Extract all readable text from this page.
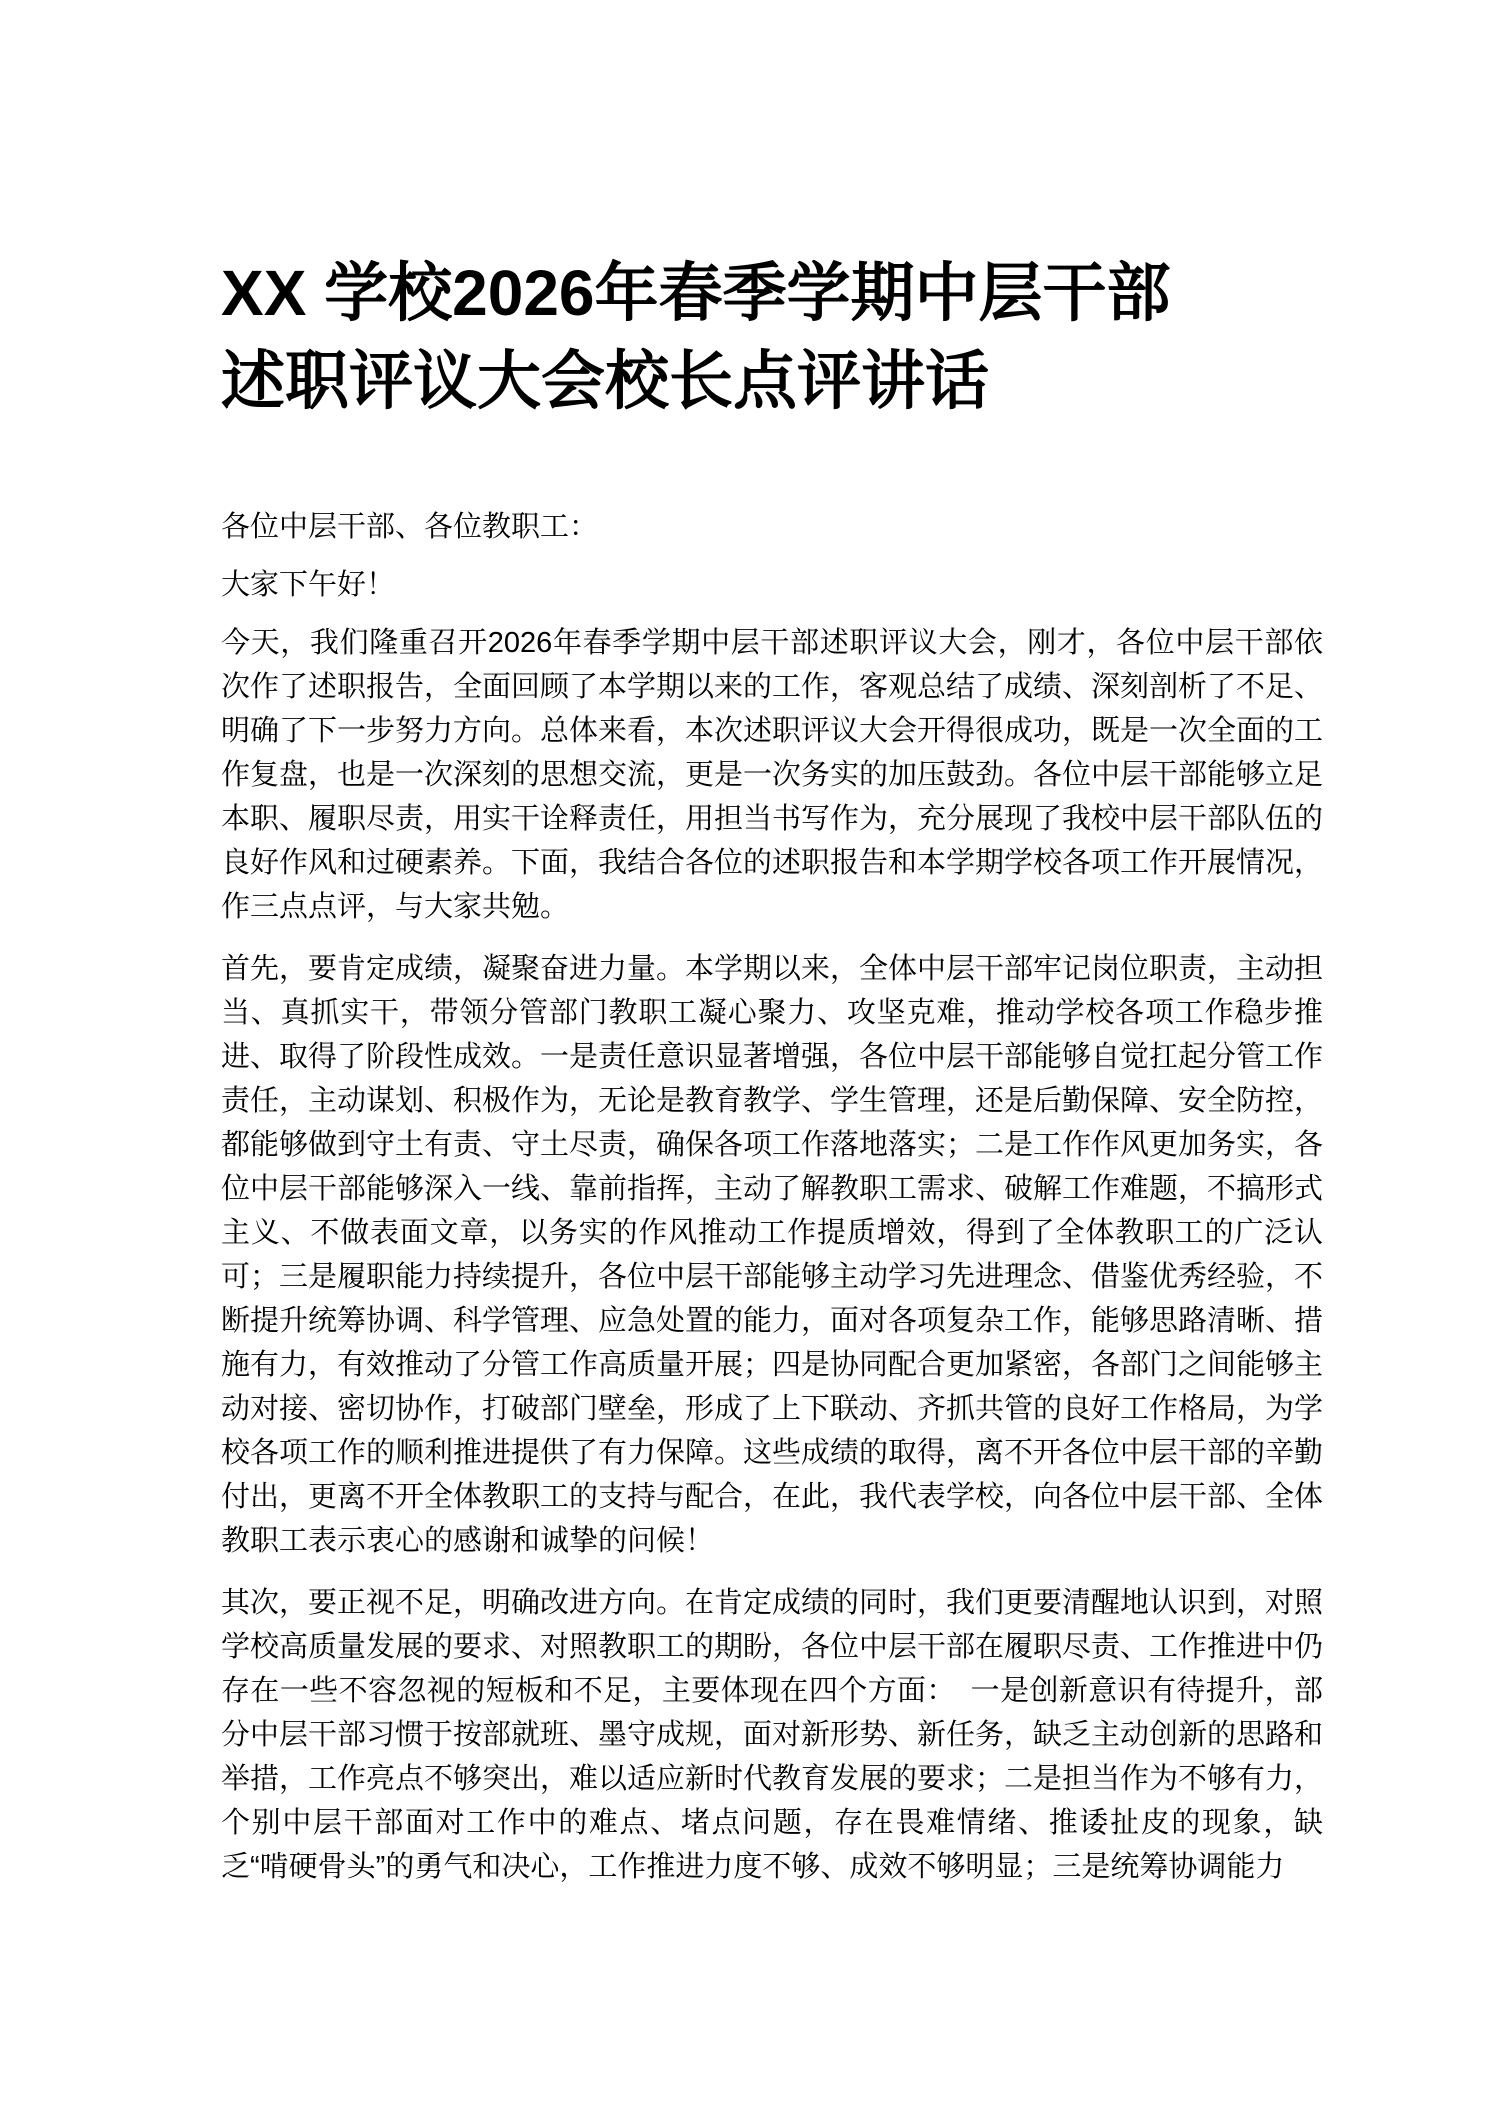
XX 学校2026年春季学期中层干部
述职评议大会校长点评讲话

各位中层干部、各位教职工：

大家下午好！

今天，我们隆重召开2026年春季学期中层干部述职评议大会，刚才，各位中层干部依次作了述职报告，全面回顾了本学期以来的工作，客观总结了成绩、深刻剖析了不足、明确了下一步努力方向。总体来看，本次述职评议大会开得很成功，既是一次全面的工作复盘，也是一次深刻的思想交流，更是一次务实的加压鼓劲。各位中层干部能够立足本职、履职尽责，用实干诠释责任，用担当书写作为，充分展现了我校中层干部队伍的良好作风和过硬素养。下面，我结合各位的述职报告和本学期学校各项工作开展情况，作三点点评，与大家共勉。

首先，要肯定成绩，凝聚奋进力量。本学期以来，全体中层干部牢记岗位职责，主动担当、真抓实干，带领分管部门教职工凝心聚力、攻坚克难，推动学校各项工作稳步推进、取得了阶段性成效。一是责任意识显著增强，各位中层干部能够自觉扛起分管工作责任，主动谋划、积极作为，无论是教育教学、学生管理，还是后勤保障、安全防控，都能够做到守土有责、守土尽责，确保各项工作落地落实；二是工作作风更加务实，各位中层干部能够深入一线、靠前指挥，主动了解教职工需求、破解工作难题，不搞形式主义、不做表面文章，以务实的作风推动工作提质增效，得到了全体教职工的广泛认可；三是履职能力持续提升，各位中层干部能够主动学习先进理念、借鉴优秀经验，不断提升统筹协调、科学管理、应急处置的能力，面对各项复杂工作，能够思路清晰、措施有力，有效推动了分管工作高质量开展；四是协同配合更加紧密，各部门之间能够主动对接、密切协作，打破部门壁垒，形成了上下联动、齐抓共管的良好工作格局，为学校各项工作的顺利推进提供了有力保障。这些成绩的取得，离不开各位中层干部的辛勤付出，更离不开全体教职工的支持与配合，在此，我代表学校，向各位中层干部、全体教职工表示衷心的感谢和诚挚的问候！

其次，要正视不足，明确改进方向。在肯定成绩的同时，我们更要清醒地认识到，对照学校高质量发展的要求、对照教职工的期盼，各位中层干部在履职尽责、工作推进中仍存在一些不容忽视的短板和不足，主要体现在四个方面：　一是创新意识有待提升，部分中层干部习惯于按部就班、墨守成规，面对新形势、新任务，缺乏主动创新的思路和举措，工作亮点不够突出，难以适应新时代教育发展的要求；二是担当作为不够有力，个别中层干部面对工作中的难点、堵点问题，存在畏难情绪、推诿扯皮的现象，缺乏“啃硬骨头”的勇气和决心，工作推进力度不够、成效不够明显；三是统筹协调能力
